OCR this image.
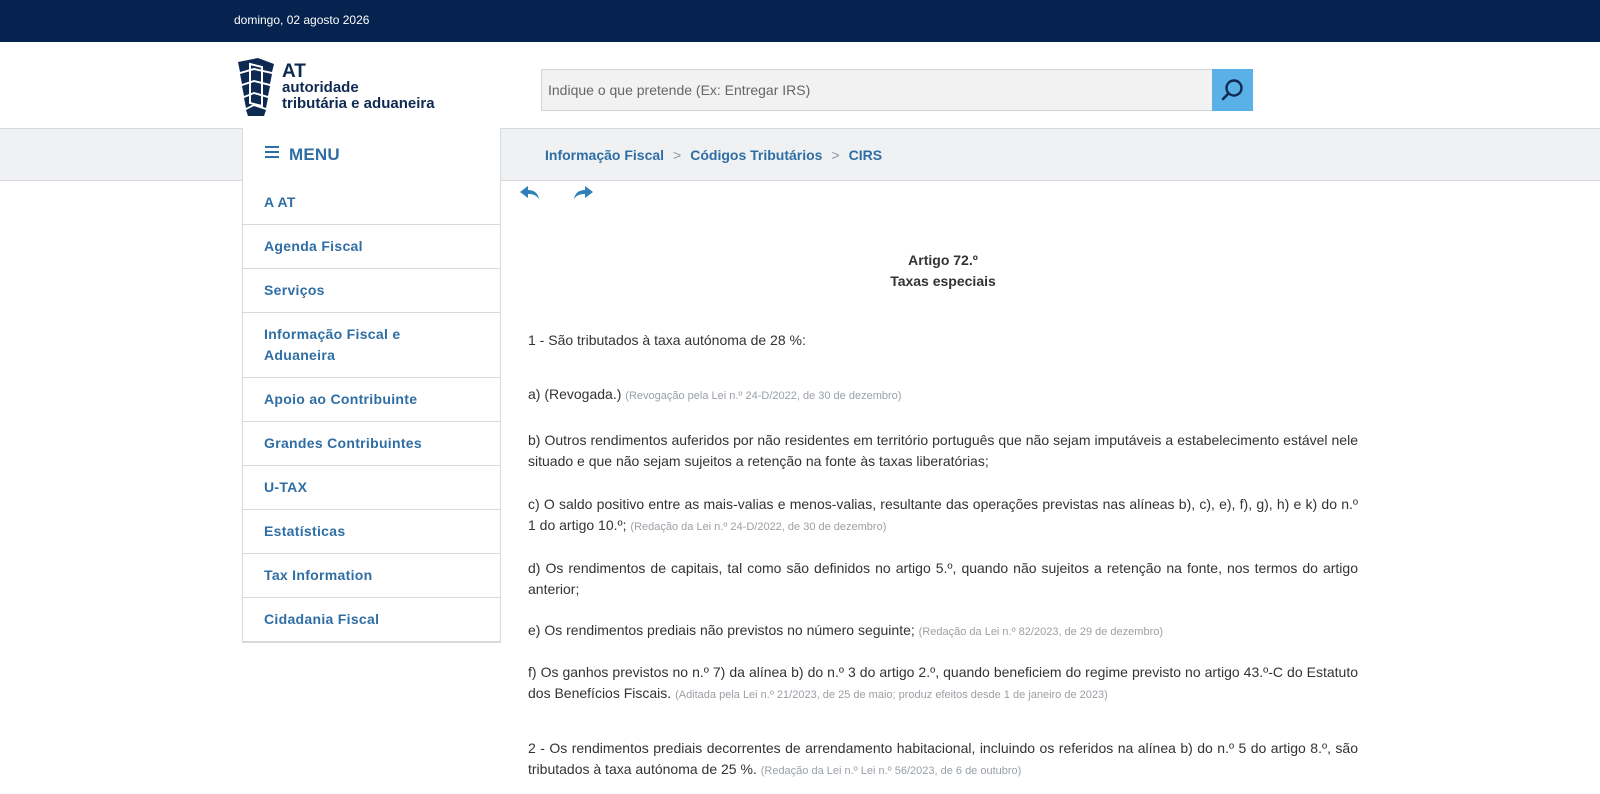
domingo, 02 agosto 2026
AT
autoridade
tributária e aduaneira
Indique o que pretende (Ex: Entregar IRS)
MENU	Informação Fiscal > Códigos Tributários > CIRS
A AT
Agenda Fiscal
Serviços
Informação Fiscal e Aduaneira
Apoio ao Contribuinte
Grandes Contribuintes
U-TAX
Estatísticas
Tax Information
Cidadania Fiscal
Artigo 72.º
Taxas especiais
1 - São tributados à taxa autónoma de 28 %:
a) (Revogada.) (Revogação pela Lei n.º 24-D/2022, de 30 de dezembro)
b) Outros rendimentos auferidos por não residentes em território português que não sejam imputáveis a estabelecimento estável nele situado e que não sejam sujeitos a retenção na fonte às taxas liberatórias;
c) O saldo positivo entre as mais-valias e menos-valias, resultante das operações previstas nas alíneas b), c), e), f), g), h) e k) do n.º 1 do artigo 10.º; (Redação da Lei n.º 24-D/2022, de 30 de dezembro)
d) Os rendimentos de capitais, tal como são definidos no artigo 5.º, quando não sujeitos a retenção na fonte, nos termos do artigo anterior;
e) Os rendimentos prediais não previstos no número seguinte; (Redação da Lei n.º 82/2023, de 29 de dezembro)
f) Os ganhos previstos no n.º 7) da alínea b) do n.º 3 do artigo 2.º, quando beneficiem do regime previsto no artigo 43.º-C do Estatuto dos Benefícios Fiscais. (Aditada pela Lei n.º 21/2023, de 25 de maio; produz efeitos desde 1 de janeiro de 2023)
2 - Os rendimentos prediais decorrentes de arrendamento habitacional, incluindo os referidos na alínea b) do n.º 5 do artigo 8.º, são tributados à taxa autónoma de 25 %. (Redação da Lei n.º Lei n.º 56/2023, de 6 de outubro)
